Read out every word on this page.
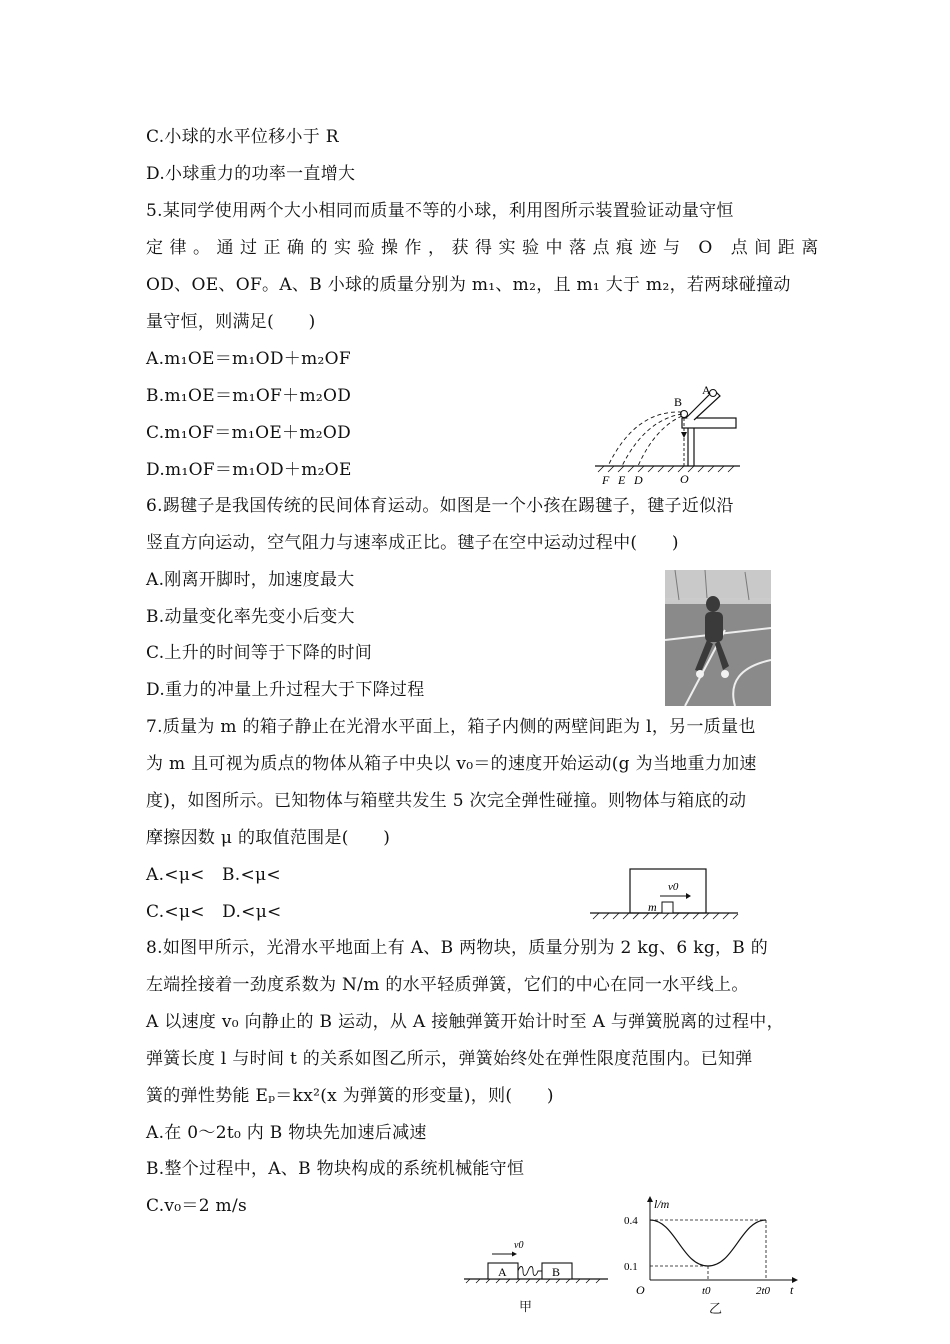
C.小球的水平位移小于 R
D.小球重力的功率一直增大
5.某同学使用两个大小相同而质量不等的小球，利用图所示装置验证动量守恒
定律。通过正确的实验操作，获得实验中落点痕迹与 O 点间距离
OD、OE、OF。A、B 小球的质量分别为 m₁、m₂，且 m₁ 大于 m₂，若两球碰撞动
量守恒，则满足(　　)
A.m₁OE＝m₁OD＋m₂OF
B.m₁OE＝m₁OF＋m₂OD
C.m₁OF＝m₁OE＋m₂OD
D.m₁OF＝m₁OD＋m₂OE
6.踢毽子是我国传统的民间体育运动。如图是一个小孩在踢毽子，毽子近似沿
竖直方向运动，空气阻力与速率成正比。毽子在空中运动过程中(　　)
A.刚离开脚时，加速度最大
B.动量变化率先变小后变大
C.上升的时间等于下降的时间
D.重力的冲量上升过程大于下降过程
7.质量为 m 的箱子静止在光滑水平面上，箱子内侧的两壁间距为 l，另一质量也
为 m 且可视为质点的物体从箱子中央以 v₀＝的速度开始运动(g 为当地重力加速
度)，如图所示。已知物体与箱壁共发生 5 次完全弹性碰撞。则物体与箱底的动
摩擦因数 μ 的取值范围是(　　)
A.<μ<　B.<μ<
C.<μ<　D.<μ<
8.如图甲所示，光滑水平地面上有 A、B 两物块，质量分别为 2 kg、6 kg，B 的
左端拴接着一劲度系数为 N/m 的水平轻质弹簧，它们的中心在同一水平线上。
A 以速度 v₀ 向静止的 B 运动，从 A 接触弹簧开始计时至 A 与弹簧脱离的过程中，
弹簧长度 l 与时间 t 的关系如图乙所示，弹簧始终处在弹性限度范围内。已知弹
簧的弹性势能 Eₚ＝kx²(x 为弹簧的形变量)，则(　　)
A.在 0～2t₀ 内 B 物块先加速后减速
B.整个过程中，A、B 物块构成的系统机械能守恒
C.v₀＝2 m/s
A
B
O
F E D
m
v0
A	B
v0
甲
l/m
t
O
0.4
0.1
t0	2t0
乙
